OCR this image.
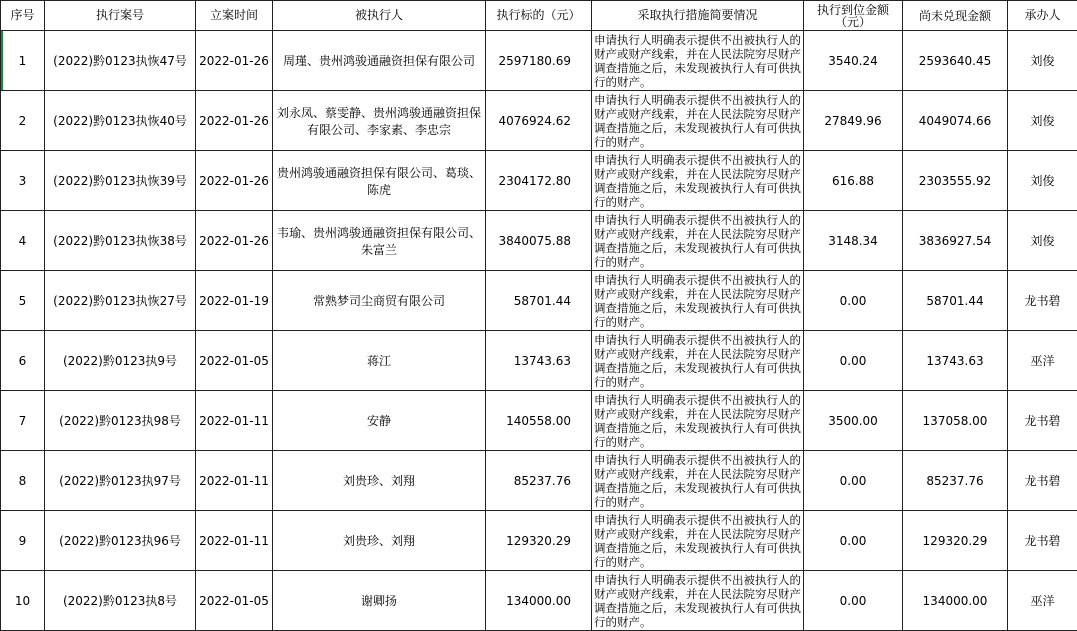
序号	执行案号	立案时间	被执行人	执行标的（元）	采取执行措施简要情况	执行到位金额（元）	尚未兑现金额	承办人
1	(2022)黔0123执恢47号	2022-01-26	周瑾、贵州鸿骏通融资担保有限公司	2597180.69	申请执行人明确表示提供不出被执行人的财产或财产线索，并在人民法院穷尽财产调查措施之后，未发现被执行人有可供执行的财产。	3540.24	2593640.45	刘俊
2	(2022)黔0123执恢40号	2022-01-26	刘永凤、蔡雯静、贵州鸿骏通融资担保有限公司、李家素、李忠宗	4076924.62	申请执行人明确表示提供不出被执行人的财产或财产线索，并在人民法院穷尽财产调查措施之后，未发现被执行人有可供执行的财产。	27849.96	4049074.66	刘俊
3	(2022)黔0123执恢39号	2022-01-26	贵州鸿骏通融资担保有限公司、葛琰、陈虎	2304172.80	申请执行人明确表示提供不出被执行人的财产或财产线索，并在人民法院穷尽财产调查措施之后，未发现被执行人有可供执行的财产。	616.88	2303555.92	刘俊
4	(2022)黔0123执恢38号	2022-01-26	韦瑜、贵州鸿骏通融资担保有限公司、朱富兰	3840075.88	申请执行人明确表示提供不出被执行人的财产或财产线索，并在人民法院穷尽财产调查措施之后，未发现被执行人有可供执行的财产。	3148.34	3836927.54	刘俊
5	(2022)黔0123执恢27号	2022-01-19	常熟梦司尘商贸有限公司	58701.44	申请执行人明确表示提供不出被执行人的财产或财产线索，并在人民法院穷尽财产调查措施之后，未发现被执行人有可供执行的财产。	0.00	58701.44	龙书碧
6	(2022)黔0123执9号	2022-01-05	蒋江	13743.63	申请执行人明确表示提供不出被执行人的财产或财产线索，并在人民法院穷尽财产调查措施之后，未发现被执行人有可供执行的财产。	0.00	13743.63	巫洋
7	(2022)黔0123执98号	2022-01-11	安静	140558.00	申请执行人明确表示提供不出被执行人的财产或财产线索，并在人民法院穷尽财产调查措施之后，未发现被执行人有可供执行的财产。	3500.00	137058.00	龙书碧
8	(2022)黔0123执97号	2022-01-11	刘贵珍、刘翔	85237.76	申请执行人明确表示提供不出被执行人的财产或财产线索，并在人民法院穷尽财产调查措施之后，未发现被执行人有可供执行的财产。	0.00	85237.76	龙书碧
9	(2022)黔0123执96号	2022-01-11	刘贵珍、刘翔	129320.29	申请执行人明确表示提供不出被执行人的财产或财产线索，并在人民法院穷尽财产调查措施之后，未发现被执行人有可供执行的财产。	0.00	129320.29	龙书碧
10	(2022)黔0123执8号	2022-01-05	谢卿扬	134000.00	申请执行人明确表示提供不出被执行人的财产或财产线索，并在人民法院穷尽财产调查措施之后，未发现被执行人有可供执行的财产。	0.00	134000.00	巫洋
